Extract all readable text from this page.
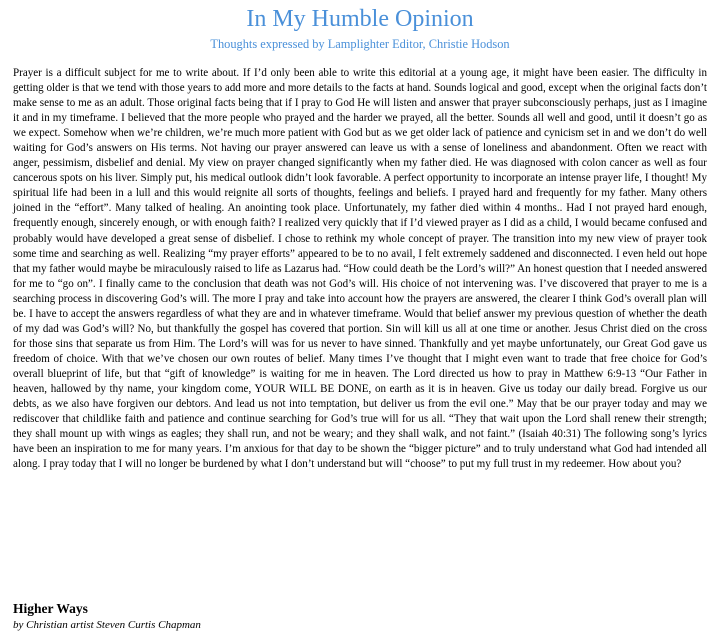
In My Humble Opinion
Thoughts expressed by Lamplighter Editor, Christie Hodson

Prayer is a difficult subject for me to write about. If I’d only been able to write this editorial at a young age, it might have been easier. The difficulty in getting older is that we tend with those years to add more and more details to the facts at hand. Sounds logical and good, except when the original facts don’t make sense to me as an adult. Those original facts being that if I pray to God He will listen and answer that prayer subconsciously perhaps, just as I imagine it and in my timeframe. I believed that the more people who prayed and the harder we prayed, all the better. Sounds all well and good, until it doesn’t go as we expect. Somehow when we’re children, we’re much more patient with God but as we get older lack of patience and cynicism set in and we don’t do well waiting for God’s answers on His terms. Not having our prayer answered can leave us with a sense of loneliness and abandonment. Often we react with anger, pessimism, disbelief and denial. My view on prayer changed significantly when my father died. He was diagnosed with colon cancer as well as four cancerous spots on his liver. Simply put, his medical outlook didn’t look favorable. A perfect opportunity to incorporate an intense prayer life, I thought! My spiritual life had been in a lull and this would reignite all sorts of thoughts, feelings and beliefs. I prayed hard and frequently for my father. Many others joined in the “effort”. Many talked of healing. An anointing took place. Unfortunately, my father died within 4 months.. Had I not prayed hard enough, frequently enough, sincerely enough, or with enough faith? I realized very quickly that if I’d viewed prayer as I did as a child, I would became confused and probably would have developed a great sense of disbelief. I chose to rethink my whole concept of prayer. The transition into my new view of prayer took some time and searching as well. Realizing “my prayer efforts” appeared to be to no avail, I felt extremely saddened and disconnected. I even held out hope that my father would maybe be miraculously raised to life as Lazarus had. “How could death be the Lord’s will?” An honest question that I needed answered for me to “go on”. I finally came to the conclusion that death was not God’s will. His choice of not intervening was. I’ve discovered that prayer to me is a searching process in discovering God’s will. The more I pray and take into account how the prayers are answered, the clearer I think God’s overall plan will be. I have to accept the answers regardless of what they are and in whatever timeframe. Would that belief answer my previous question of whether the death of my dad was God’s will? No, but thankfully the gospel has covered that portion. Sin will kill us all at one time or another. Jesus Christ died on the cross for those sins that separate us from Him. The Lord’s will was for us never to have sinned. Thankfully and yet maybe unfortunately, our Great God gave us freedom of choice. With that we’ve chosen our own routes of belief. Many times I’ve thought that I might even want to trade that free choice for God’s overall blueprint of life, but that “gift of knowledge” is waiting for me in heaven. The Lord directed us how to pray in Matthew 6:9-13 “Our Father in heaven, hallowed by thy name, your kingdom come, YOUR WILL BE DONE, on earth as it is in heaven. Give us today our daily bread. Forgive us our debts, as we also have forgiven our debtors. And lead us not into temptation, but deliver us from the evil one.” May that be our prayer today and may we rediscover that childlike faith and patience and continue searching for God’s true will for us all. “They that wait upon the Lord shall renew their strength; they shall mount up with wings as eagles; they shall run, and not be weary; and they shall walk, and not faint.” (Isaiah 40:31) The following song’s lyrics have been an inspiration to me for many years. I’m anxious for that day to be shown the “bigger picture” and to truly understand what God had intended all along. I pray today that I will no longer be burdened by what I don’t understand but will “choose” to put my full trust in my redeemer. How about you?

Higher Ways
by Christian artist Steven Curtis Chapman
